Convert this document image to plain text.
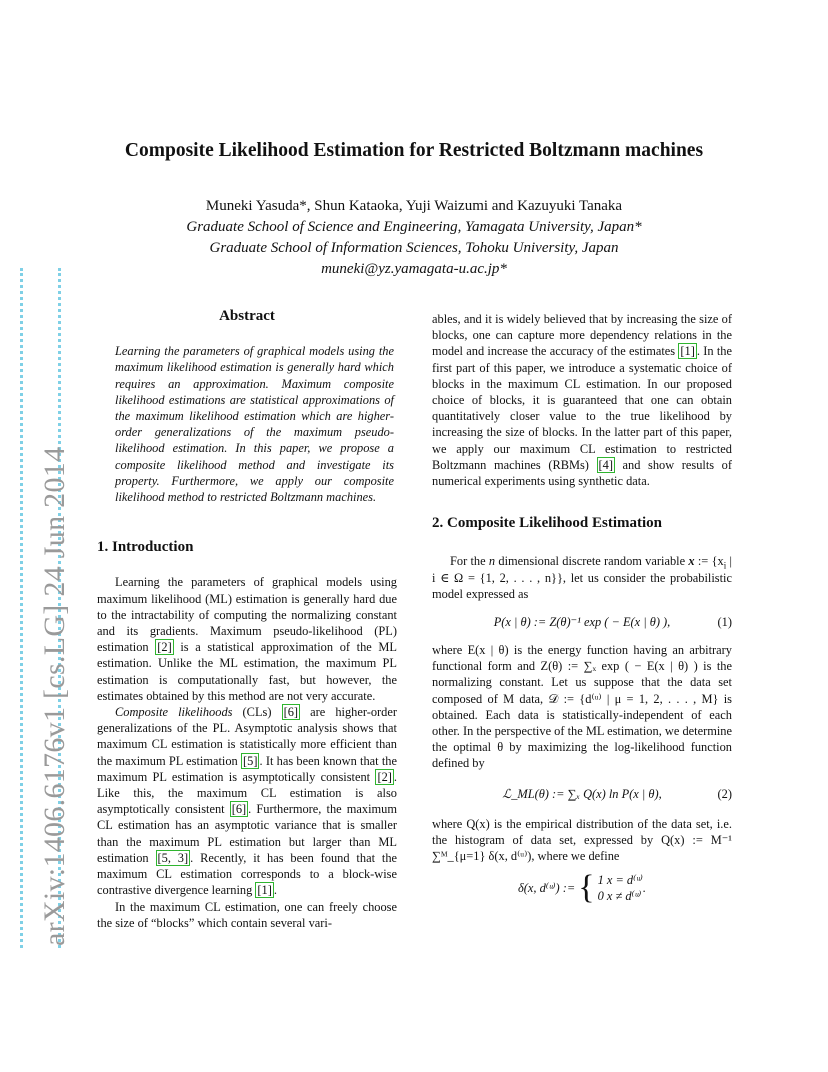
arXiv:1406.6176v1 [cs.LG] 24 Jun 2014
Composite Likelihood Estimation for Restricted Boltzmann machines
Muneki Yasuda*, Shun Kataoka, Yuji Waizumi and Kazuyuki Tanaka
Graduate School of Science and Engineering, Yamagata University, Japan*
Graduate School of Information Sciences, Tohoku University, Japan
muneki@yz.yamagata-u.ac.jp*
Abstract

Learning the parameters of graphical models using the maximum likelihood estimation is generally hard which requires an approximation. Maximum composite likelihood estimations are statistical approximations of the maximum likelihood estimation which are higher-order generalizations of the maximum pseudo-likelihood estimation. In this paper, we propose a composite likelihood method and investigate its property. Furthermore, we apply our composite likelihood method to restricted Boltzmann machines.

1. Introduction

Learning the parameters of graphical models using maximum likelihood (ML) estimation is generally hard due to the intractability of computing the normalizing constant and its gradients. Maximum pseudo-likelihood (PL) estimation [2] is a statistical approximation of the ML estimation. Unlike the ML estimation, the maximum PL estimation is computationally fast, but however, the estimates obtained by this method are not very accurate.

Composite likelihoods (CLs) [6] are higher-order generalizations of the PL. Asymptotic analysis shows that maximum CL estimation is statistically more efficient than the maximum PL estimation [5] . It has been known that the maximum PL estimation is asymptotically consistent [2] . Like this, the maximum CL estimation is also asymptotically consistent [6] . Furthermore, the maximum CL estimation has an asymptotic variance that is smaller than the maximum PL estimation but larger than ML estimation [5, 3] . Recently, it has been found that the maximum CL estimation corresponds to a block-wise contrastive divergence learning [1] .

In the maximum CL estimation, one can freely choose the size of “blocks” which contain several vari-

ables, and it is widely believed that by increasing the size of blocks, one can capture more dependency relations in the model and increase the accuracy of the estimates [1] . In the first part of this paper, we introduce a systematic choice of blocks in the maximum CL estimation. In our proposed choice of blocks, it is guaranteed that one can obtain quantitatively closer value to the true likelihood by increasing the size of blocks. In the latter part of this paper, we apply our maximum CL estimation to restricted Boltzmann machines (RBMs) [4] and show results of numerical experiments using synthetic data.

2. Composite Likelihood Estimation

For the n dimensional discrete random variable x := {$x_i$ | i ∈ Ω = {1, 2, . . . , n}}, let us consider the probabilistic model expressed as

P(x | θ) := Z(θ)⁻¹ exp ( − E(x | θ) ),	(1)

where E(x | θ) is the energy function having an arbitrary functional form and Z(θ) := ∑ₓ exp ( − E(x | θ) ) is the normalizing constant. Let us suppose that the data set composed of M data, 𝒟 := {d⁽ᵘ⁾ | μ = 1, 2, . . . , M} is obtained. Each data is statistically-independent of each other. In the perspective of the ML estimation, we determine the optimal θ by maximizing the log-likelihood function defined by

ℒ_ML(θ) := ∑ₓ Q(x) ln P(x | θ),	(2)

where Q(x) is the empirical distribution of the data set, i.e. the histogram of data set, expressed by Q(x) := M⁻¹ ∑ᴹ_{μ=1} δ(x, d⁽ᵘ⁾), where we define

δ(x, d⁽ᵘ⁾) := { 1 x = d⁽ᵘ⁾
0 x ≠ d⁽ᵘ⁾
.
